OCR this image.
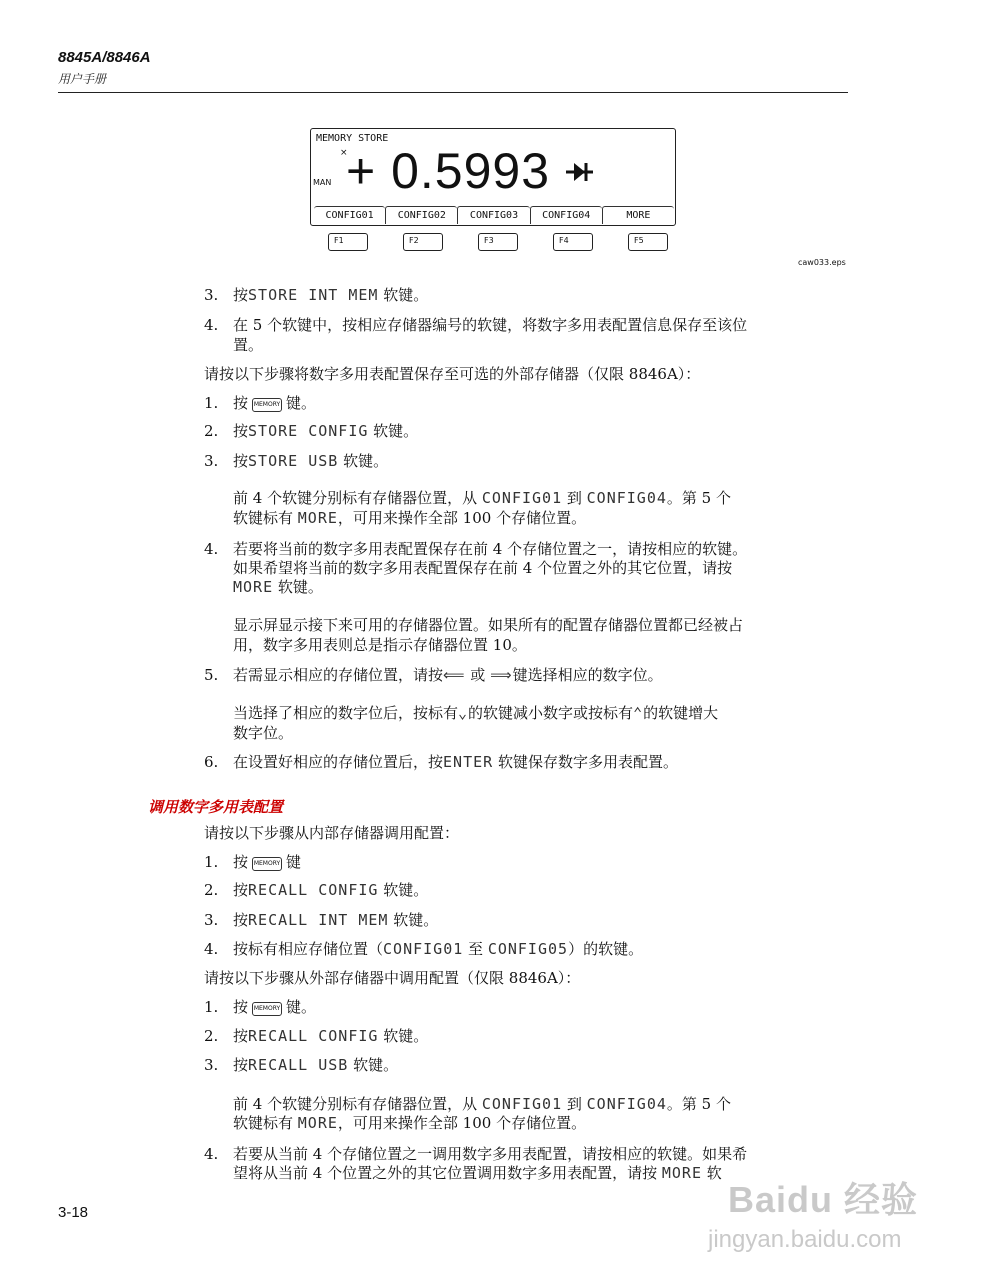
8845A/8846A
用户手册
MEMORY STORE
×
MAN + 0.5993
CONFIG01	CONFIG02	CONFIG03	CONFIG04	MORE
F1	F2	F3	F4	F5
caw033.eps
3. 按STORE INT MEM 软键。
4. 在 5 个软键中，按相应存储器编号的软键，将数字多用表配置信息保存至该位
置。
请按以下步骤将数字多用表配置保存至可选的外部存储器（仅限 8846A）：
1. 按 MEMORY 键。
2. 按STORE CONFIG 软键。
3. 按STORE USB 软键。
前 4 个软键分别标有存储器位置，从 CONFIG01 到 CONFIG04。第 5 个
软键标有 MORE，可用来操作全部 100 个存储位置。
4. 若要将当前的数字多用表配置保存在前 4 个存储位置之一，请按相应的软键。
如果希望将当前的数字多用表配置保存在前 4 个位置之外的其它位置，请按
MORE 软键。
显示屏显示接下来可用的存储器位置。如果所有的配置存储器位置都已经被占
用，数字多用表则总是指示存储器位置 10。
5. 若需显示相应的存储位置，请按⟸ 或 ⟹键选择相应的数字位。
当选择了相应的数字位后，按标有⌄的软键减小数字或按标有⌃的软键增大
数字位。
6. 在设置好相应的存储位置后，按ENTER 软键保存数字多用表配置。
调用数字多用表配置
请按以下步骤从内部存储器调用配置：
1. 按 MEMORY 键
2. 按RECALL CONFIG 软键。
3. 按RECALL INT MEM 软键。
4. 按标有相应存储位置（CONFIG01 至 CONFIG05）的软键。
请按以下步骤从外部存储器中调用配置（仅限 8846A）：
1. 按 MEMORY 键。
2. 按RECALL CONFIG 软键。
3. 按RECALL USB 软键。
前 4 个软键分别标有存储器位置，从 CONFIG01 到 CONFIG04。第 5 个
软键标有 MORE，可用来操作全部 100 个存储位置。
4. 若要从当前 4 个存储位置之一调用数字多用表配置，请按相应的软键。如果希
望将从当前 4 个位置之外的其它位置调用数字多用表配置，请按 MORE 软
3-18	Baidu 经验
jingyan.baidu.com
